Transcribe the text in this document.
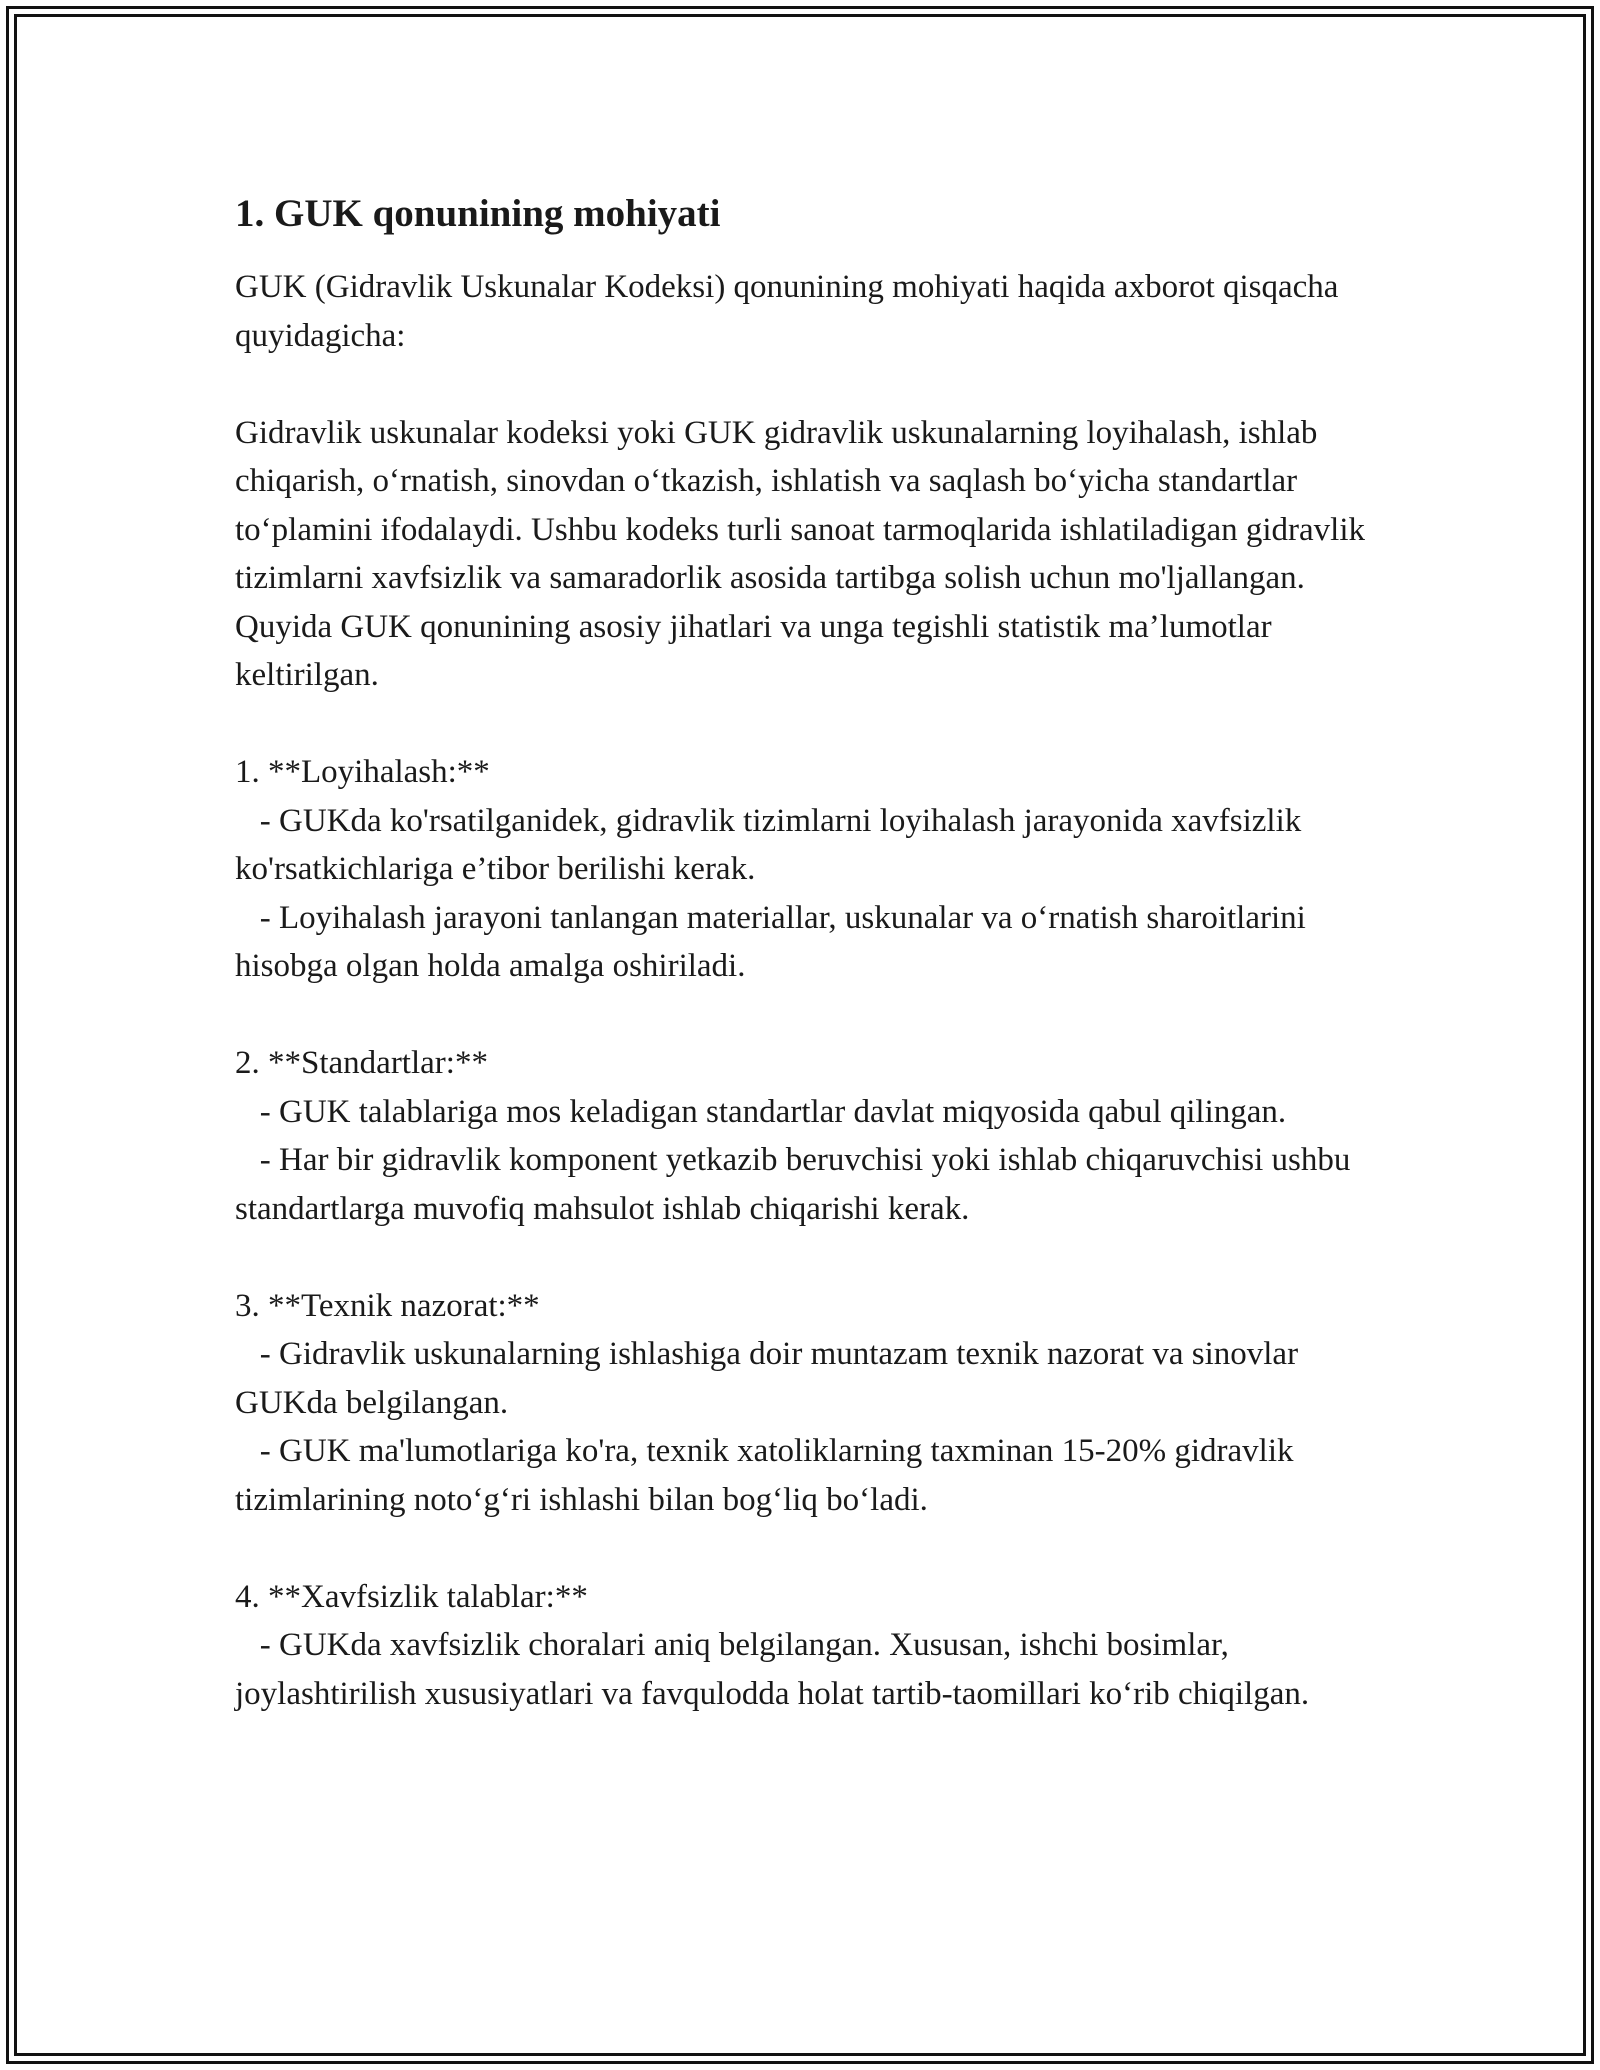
1. GUK qonunining mohiyati

GUK (Gidravlik Uskunalar Kodeksi) qonunining mohiyati haqida axborot qisqacha quyidagicha:

Gidravlik uskunalar kodeksi yoki GUK gidravlik uskunalarning loyihalash, ishlab chiqarish, o‘rnatish, sinovdan o‘tkazish, ishlatish va saqlash bo‘yicha standartlar to‘plamini ifodalaydi. Ushbu kodeks turli sanoat tarmoqlarida ishlatiladigan gidravlik tizimlarni xavfsizlik va samaradorlik asosida tartibga solish uchun mo'ljallangan. Quyida GUK qonunining asosiy jihatlari va unga tegishli statistik ma’lumotlar keltirilgan.

1. **Loyihalash:**

- GUKda ko'rsatilganidek, gidravlik tizimlarni loyihalash jarayonida xavfsizlik ko'rsatkichlariga e’tibor berilishi kerak.

- Loyihalash jarayoni tanlangan materiallar, uskunalar va o‘rnatish sharoitlarini hisobga olgan holda amalga oshiriladi.

2. **Standartlar:**

- GUK talablariga mos keladigan standartlar davlat miqyosida qabul qilingan.

- Har bir gidravlik komponent yetkazib beruvchisi yoki ishlab chiqaruvchisi ushbu standartlarga muvofiq mahsulot ishlab chiqarishi kerak.

3. **Texnik nazorat:**

- Gidravlik uskunalarning ishlashiga doir muntazam texnik nazorat va sinovlar GUKda belgilangan.

- GUK ma'lumotlariga ko'ra, texnik xatoliklarning taxminan 15-20% gidravlik tizimlarining noto‘g‘ri ishlashi bilan bog‘liq bo‘ladi.

4. **Xavfsizlik talablar:**

- GUKda xavfsizlik choralari aniq belgilangan. Xususan, ishchi bosimlar, joylashtirilish xususiyatlari va favqulodda holat tartib-taomillari ko‘rib chiqilgan.
